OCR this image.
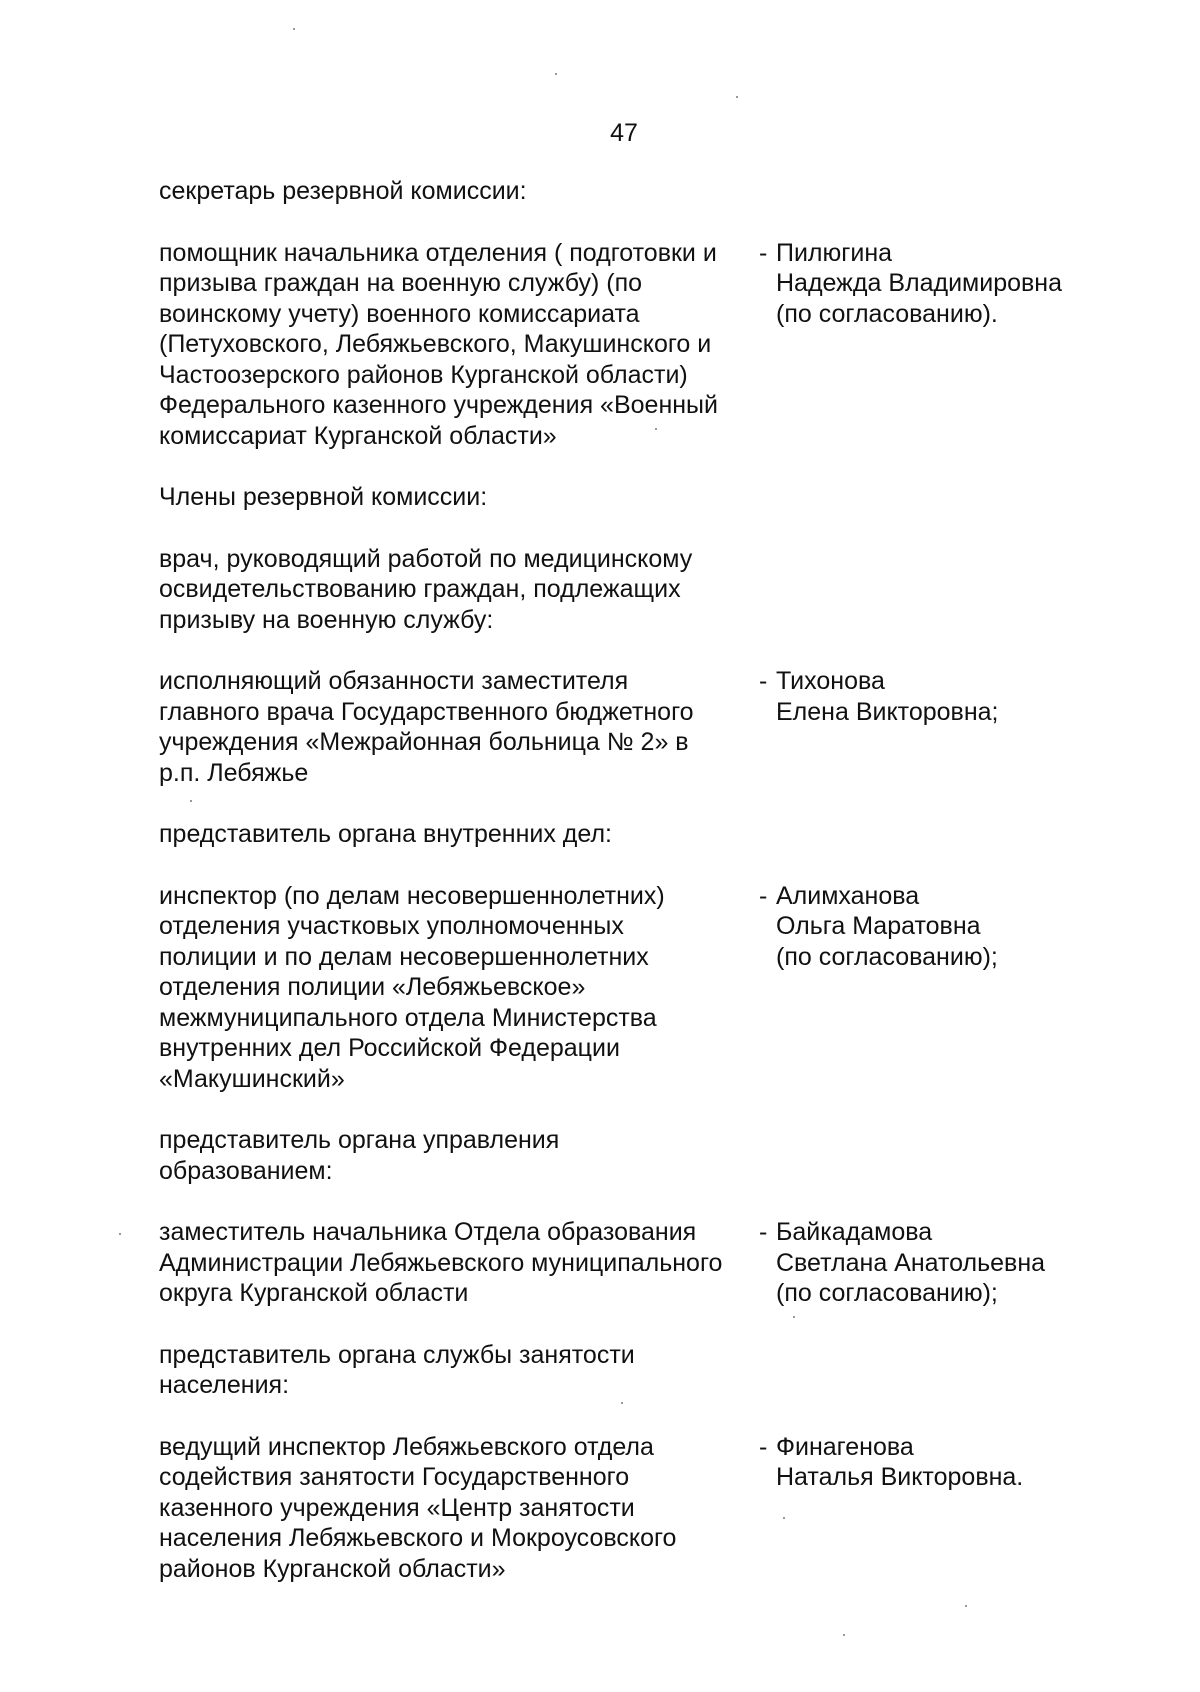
47
секретарь резервной комиссии:
помощник начальника отделения ( подготовки и
призыва граждан на военную службу) (по
воинскому учету) военного комиссариата
(Петуховского, Лебяжьевского, Макушинского и
Частоозерского районов Курганской области)
Федерального казенного учреждения «Военный
комиссариат Курганской области»
- Пилюгина
Надежда Владимировна
(по согласованию).
Члены резервной комиссии:
врач, руководящий работой по медицинскому
освидетельствованию граждан, подлежащих
призыву на военную службу:
исполняющий обязанности заместителя
главного врача Государственного бюджетного
учреждения «Межрайонная больница № 2» в
р.п. Лебяжье
- Тихонова
Елена Викторовна;
представитель органа внутренних дел:
инспектор (по делам несовершеннолетних)
отделения участковых уполномоченных
полиции и по делам несовершеннолетних
отделения полиции «Лебяжьевское»
межмуниципального отдела Министерства
внутренних дел Российской Федерации
«Макушинский»
- Алимханова
Ольга Маратовна
(по согласованию);
представитель органа управления
образованием:
заместитель начальника Отдела образования
Администрации Лебяжьевского муниципального
округа Курганской области
- Байкадамова
Светлана Анатольевна
(по согласованию);
представитель органа службы занятости
населения:
ведущий инспектор Лебяжьевского отдела
содействия занятости Государственного
казенного учреждения «Центр занятости
населения Лебяжьевского и Мокроусовского
районов Курганской области»
- Финагенова
Наталья Викторовна.
